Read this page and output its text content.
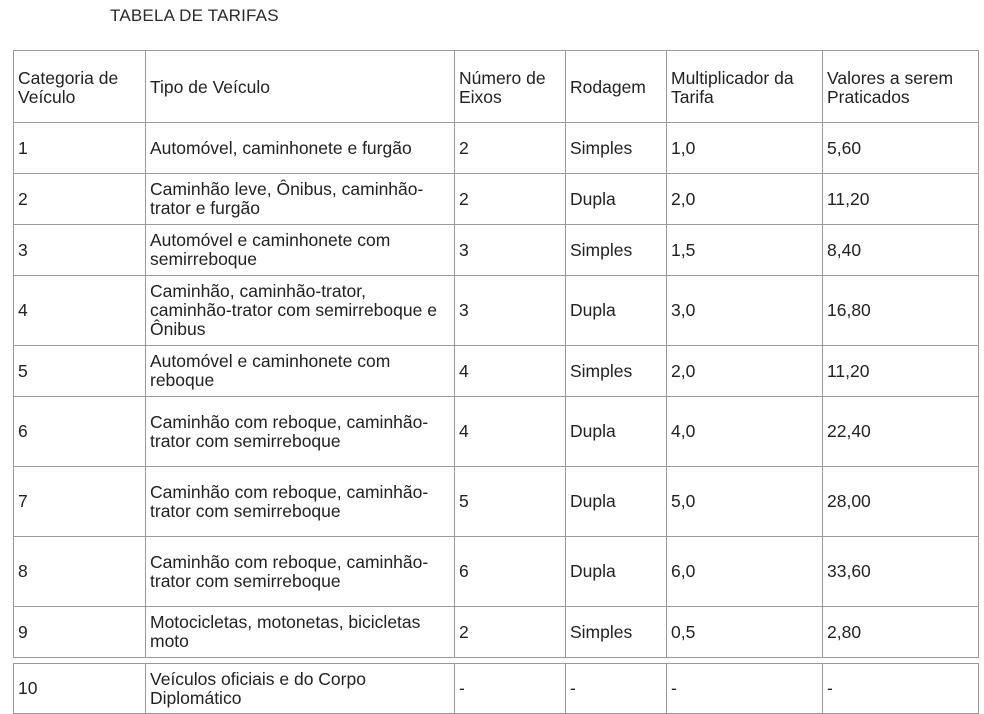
TABELA DE TARIFAS
Categoria de Veículo	Tipo de Veículo	Número de Eixos	Rodagem	Multiplicador da Tarifa	Valores a serem Praticados
1	Automóvel, caminhonete e furgão	2	Simples	1,0	5,60
2	Caminhão leve, Ônibus, caminhão-trator e furgão	2	Dupla	2,0	11,20
3	Automóvel e caminhonete com semirreboque	3	Simples	1,5	8,40
4	Caminhão, caminhão-trator, caminhão-trator com semirreboque e Ônibus	3	Dupla	3,0	16,80
5	Automóvel e caminhonete com reboque	4	Simples	2,0	11,20
6	Caminhão com reboque, caminhão-trator com semirreboque	4	Dupla	4,0	22,40
7	Caminhão com reboque, caminhão-trator com semirreboque	5	Dupla	5,0	28,00
8	Caminhão com reboque, caminhão-trator com semirreboque	6	Dupla	6,0	33,60
9	Motocicletas, motonetas, bicicletas moto	2	Simples	0,5	2,80

10	Veículos oficiais e do Corpo Diplomático	-	-	-	-
